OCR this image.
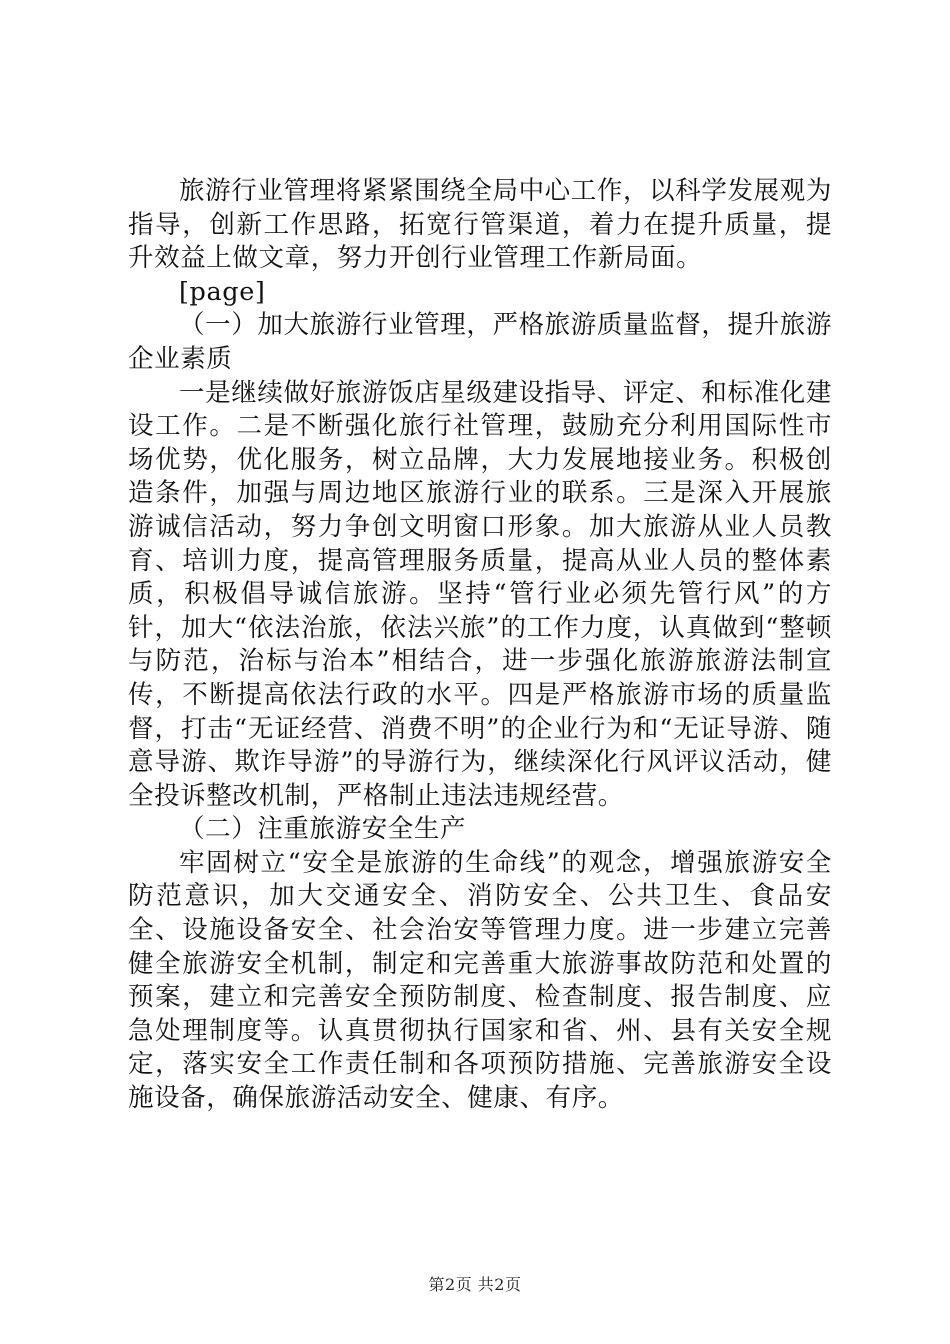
旅游行业管理将紧紧围绕全局中心工作，以科学发展观为指导，创新工作思路，拓宽行管渠道，着力在提升质量，提升效益上做文章，努力开创行业管理工作新局面。

[page]

（一）加大旅游行业管理，严格旅游质量监督，提升旅游企业素质

一是继续做好旅游饭店星级建设指导、评定、和标准化建设工作。二是不断强化旅行社管理，鼓励充分利用国际性市场优势，优化服务，树立品牌，大力发展地接业务。积极创造条件，加强与周边地区旅游行业的联系。三是深入开展旅游诚信活动，努力争创文明窗口形象。加大旅游从业人员教育、培训力度，提高管理服务质量，提高从业人员的整体素质，积极倡导诚信旅游。坚持“管行业必须先管行风”的方针，加大“依法治旅，依法兴旅”的工作力度，认真做到“整顿与防范，治标与治本”相结合，进一步强化旅游旅游法制宣传，不断提高依法行政的水平。四是严格旅游市场的质量监督，打击“无证经营、消费不明”的企业行为和“无证导游、随意导游、欺诈导游”的导游行为，继续深化行风评议活动，健全投诉整改机制，严格制止违法违规经营。

（二）注重旅游安全生产

牢固树立“安全是旅游的生命线”的观念，增强旅游安全防范意识，加大交通安全、消防安全、公共卫生、食品安全、设施设备安全、社会治安等管理力度。进一步建立完善健全旅游安全机制，制定和完善重大旅游事故防范和处置的预案，建立和完善安全预防制度、检查制度、报告制度、应急处理制度等。认真贯彻执行国家和省、州、县有关安全规定，落实安全工作责任制和各项预防措施、完善旅游安全设施设备，确保旅游活动安全、健康、有序。

第2页 共2页
